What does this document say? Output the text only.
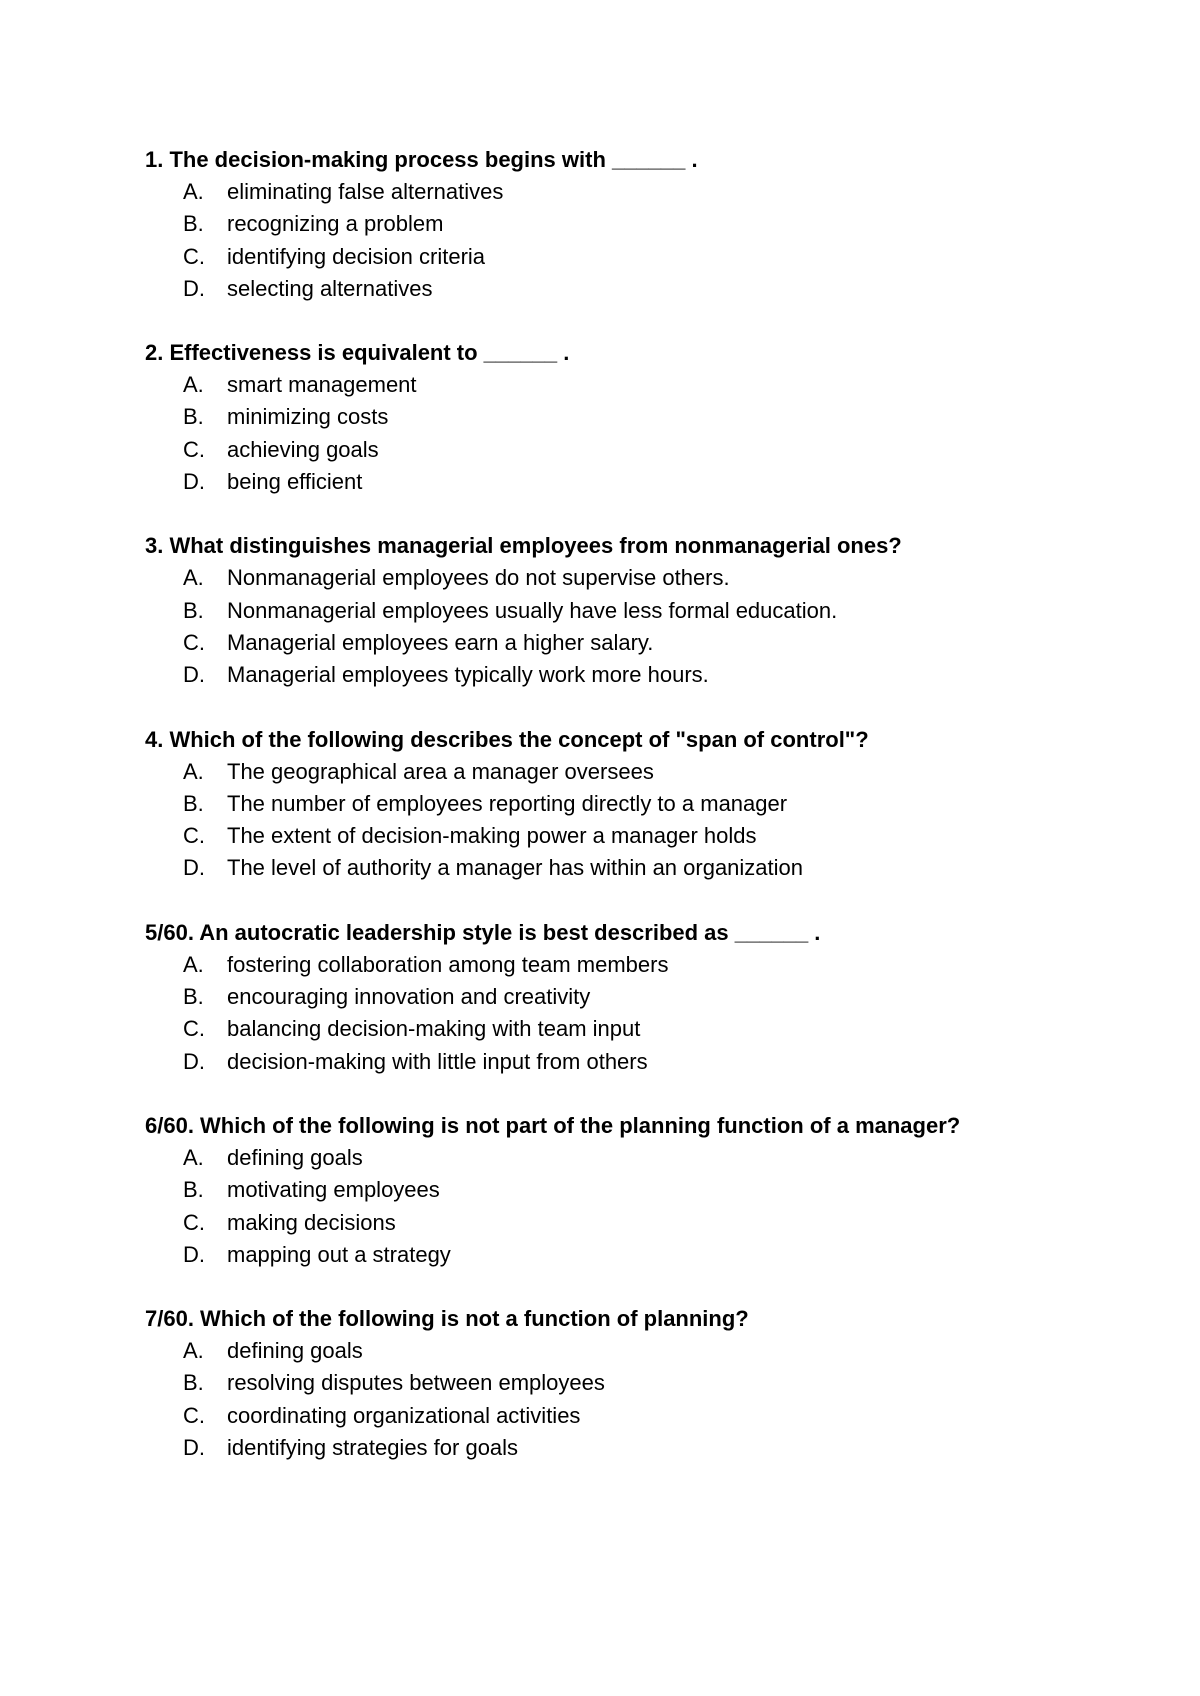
1. The decision-making process begins with ______ .
A.	eliminating false alternatives
B.	recognizing a problem
C.	identifying decision criteria
D.	selecting alternatives
2. Effectiveness is equivalent to ______ .
A.	smart management
B.	minimizing costs
C.	achieving goals
D.	being efficient
3. What distinguishes managerial employees from nonmanagerial ones?
A.	Nonmanagerial employees do not supervise others.
B.	Nonmanagerial employees usually have less formal education.
C.	Managerial employees earn a higher salary.
D.	Managerial employees typically work more hours.
4. Which of the following describes the concept of "span of control"?
A.	The geographical area a manager oversees
B.	The number of employees reporting directly to a manager
C.	The extent of decision-making power a manager holds
D.	The level of authority a manager has within an organization
5/60. An autocratic leadership style is best described as ______ .
A.	fostering collaboration among team members
B.	encouraging innovation and creativity
C.	balancing decision-making with team input
D.	decision-making with little input from others
6/60. Which of the following is not part of the planning function of a manager?
A.	defining goals
B.	motivating employees
C.	making decisions
D.	mapping out a strategy
7/60. Which of the following is not a function of planning?
A.	defining goals
B.	resolving disputes between employees
C.	coordinating organizational activities
D.	identifying strategies for goals
